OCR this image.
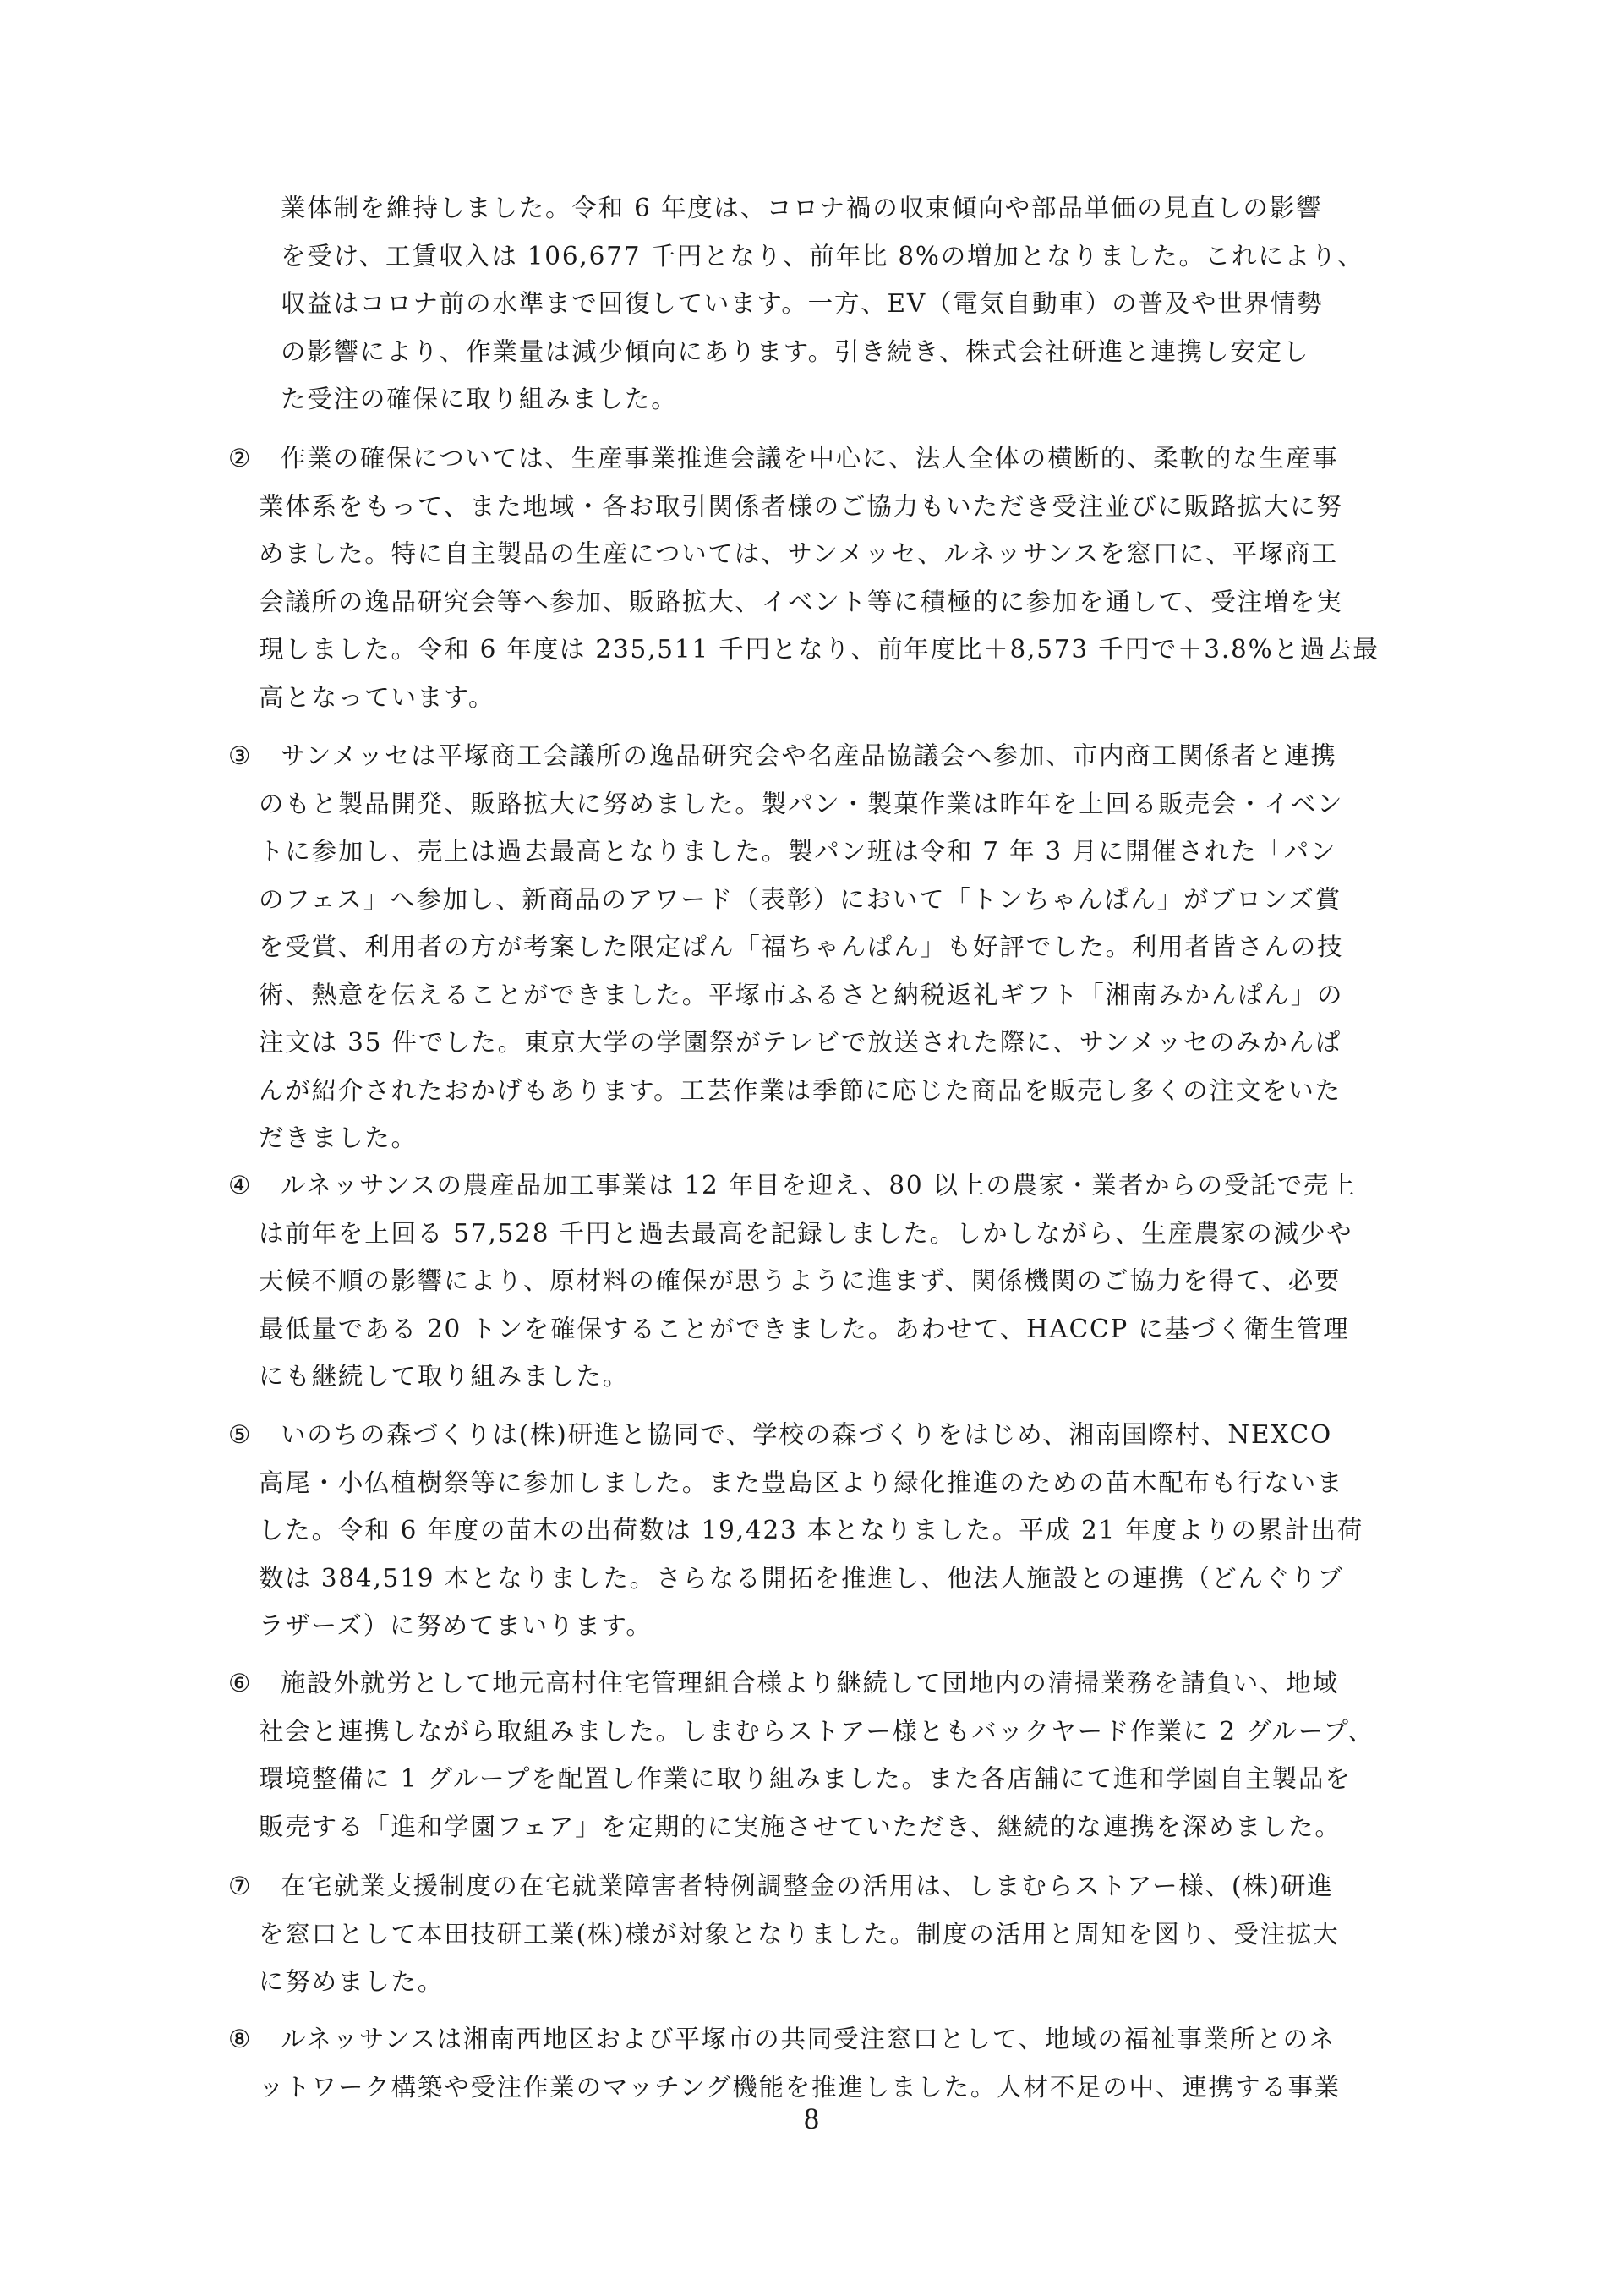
業体制を維持しました。令和 6 年度は、コロナ禍の収束傾向や部品単価の見直しの影響
を受け、工賃収入は 106,677 千円となり、前年比 8%の増加となりました。これにより、
収益はコロナ前の水準まで回復しています。一方、EV（電気自動車）の普及や世界情勢
の影響により、作業量は減少傾向にあります。引き続き、株式会社研進と連携し安定し
た受注の確保に取り組みました。
② 作業の確保については、生産事業推進会議を中心に、法人全体の横断的、柔軟的な生産事
業体系をもって、また地域・各お取引関係者様のご協力もいただき受注並びに販路拡大に努
めました。特に自主製品の生産については、サンメッセ、ルネッサンスを窓口に、平塚商工
会議所の逸品研究会等へ参加、販路拡大、イベント等に積極的に参加を通して、受注増を実
現しました。令和 6 年度は 235,511 千円となり、前年度比＋8,573 千円で＋3.8%と過去最
高となっています。
③ サンメッセは平塚商工会議所の逸品研究会や名産品協議会へ参加、市内商工関係者と連携
のもと製品開発、販路拡大に努めました。製パン・製菓作業は昨年を上回る販売会・イベン
トに参加し、売上は過去最高となりました。製パン班は令和 7 年 3 月に開催された「パン
のフェス」へ参加し、新商品のアワード（表彰）において「トンちゃんぱん」がブロンズ賞
を受賞、利用者の方が考案した限定ぱん「福ちゃんぱん」も好評でした。利用者皆さんの技
術、熱意を伝えることができました。平塚市ふるさと納税返礼ギフト「湘南みかんぱん」の
注文は 35 件でした。東京大学の学園祭がテレビで放送された際に、サンメッセのみかんぱ
んが紹介されたおかげもあります。工芸作業は季節に応じた商品を販売し多くの注文をいた
だきました。
④ ルネッサンスの農産品加工事業は 12 年目を迎え、80 以上の農家・業者からの受託で売上
は前年を上回る 57,528 千円と過去最高を記録しました。しかしながら、生産農家の減少や
天候不順の影響により、原材料の確保が思うように進まず、関係機関のご協力を得て、必要
最低量である 20 トンを確保することができました。あわせて、HACCP に基づく衛生管理
にも継続して取り組みました。
⑤ いのちの森づくりは(株)研進と協同で、学校の森づくりをはじめ、湘南国際村、NEXCO
高尾・小仏植樹祭等に参加しました。また豊島区より緑化推進のための苗木配布も行ないま
した。令和 6 年度の苗木の出荷数は 19,423 本となりました。平成 21 年度よりの累計出荷
数は 384,519 本となりました。さらなる開拓を推進し、他法人施設との連携（どんぐりブ
ラザーズ）に努めてまいります。
⑥ 施設外就労として地元高村住宅管理組合様より継続して団地内の清掃業務を請負い、地域
社会と連携しながら取組みました。しまむらストアー様ともバックヤード作業に 2 グループ、
環境整備に 1 グループを配置し作業に取り組みました。また各店舗にて進和学園自主製品を
販売する「進和学園フェア」を定期的に実施させていただき、継続的な連携を深めました。
⑦ 在宅就業支援制度の在宅就業障害者特例調整金の活用は、しまむらストアー様、(株)研進
を窓口として本田技研工業(株)様が対象となりました。制度の活用と周知を図り、受注拡大
に努めました。
⑧ ルネッサンスは湘南西地区および平塚市の共同受注窓口として、地域の福祉事業所とのネ
ットワーク構築や受注作業のマッチング機能を推進しました。人材不足の中、連携する事業
8
